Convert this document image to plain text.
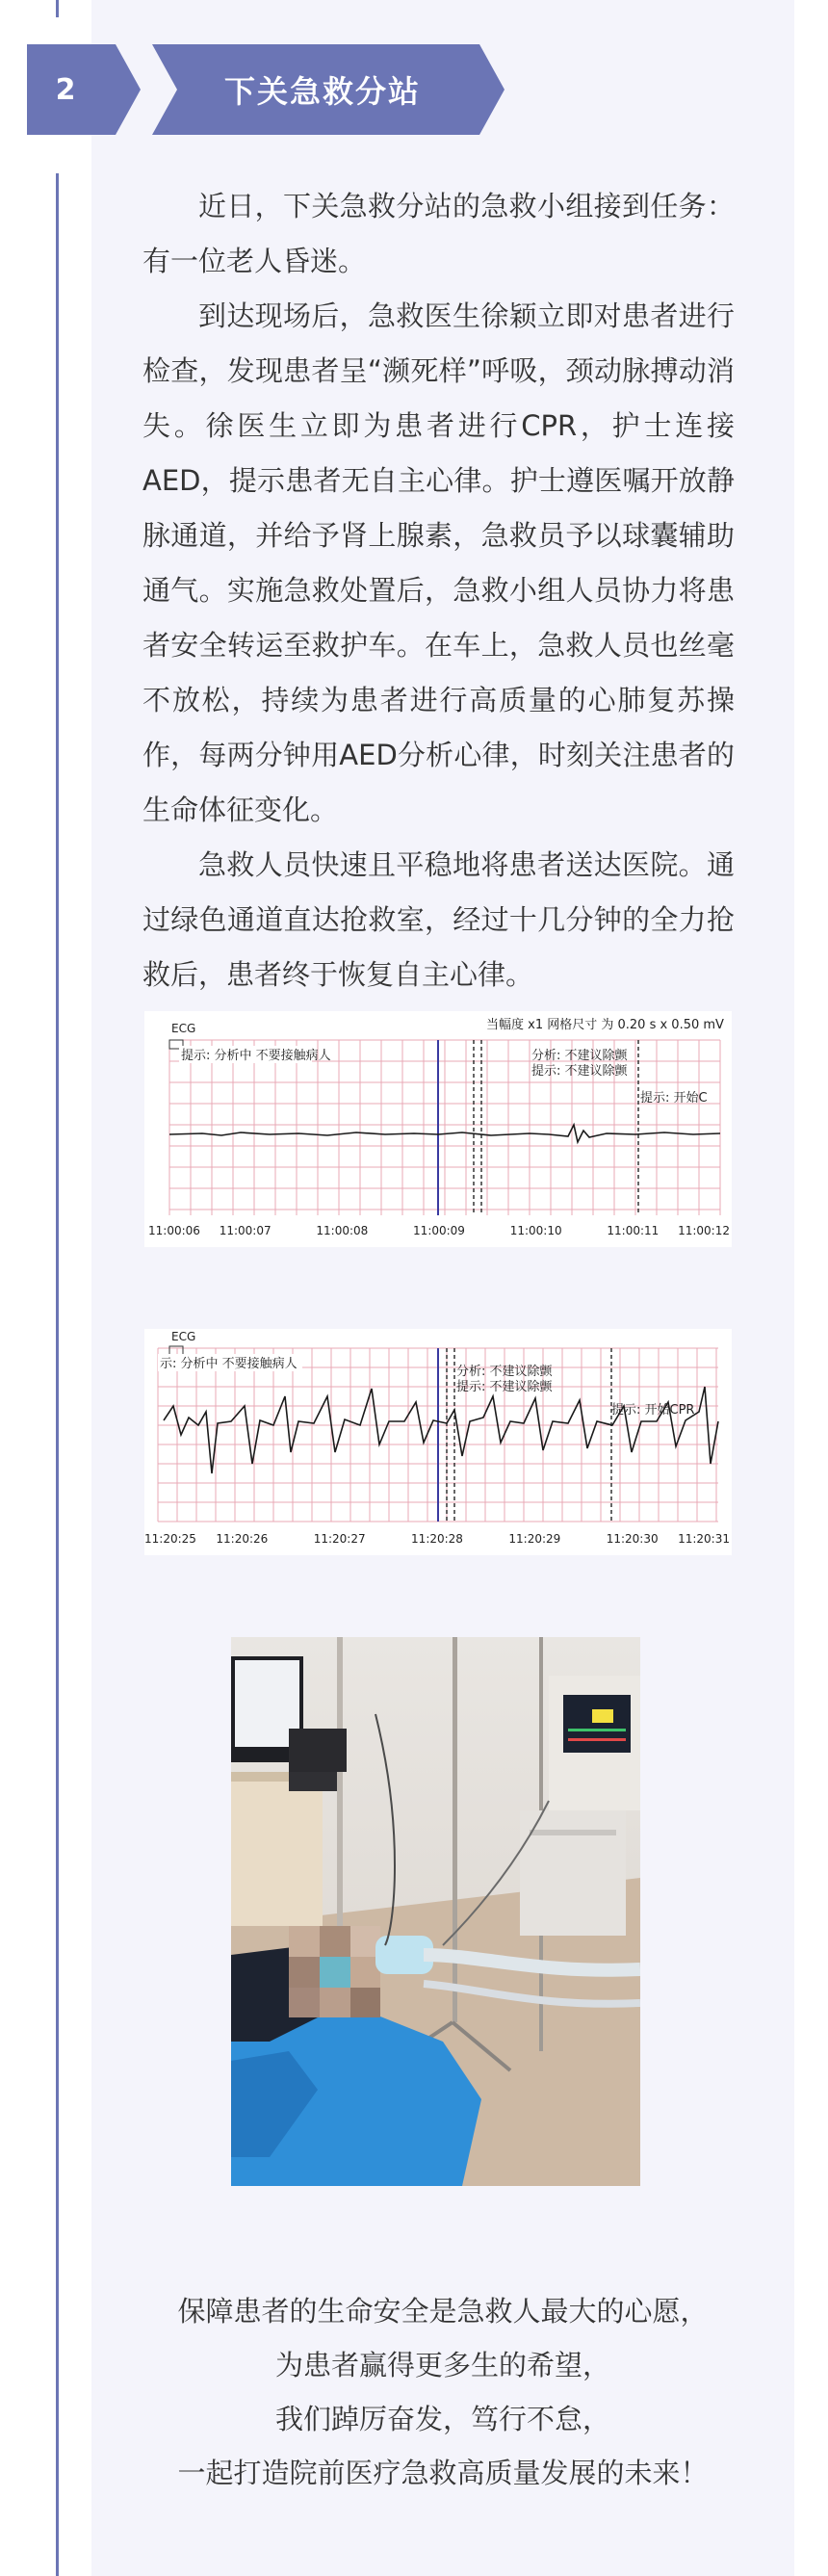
2	下关急救分站

近日，下关急救分站的急救小组接到任务：有一位老人昏迷。

到达现场后，急救医生徐颖立即对患者进行检查，发现患者呈“濒死样”呼吸，颈动脉搏动消失。徐医生立即为患者进行CPR，护士连接AED，提示患者无自主心律。护士遵医嘱开放静脉通道，并给予肾上腺素，急救员予以球囊辅助通气。实施急救处置后，急救小组人员协力将患者安全转运至救护车。在车上，急救人员也丝毫不放松，持续为患者进行高质量的心肺复苏操作，每两分钟用AED分析心律，时刻关注患者的生命体征变化。

急救人员快速且平稳地将患者送达医院。通过绿色通道直达抢救室，经过十几分钟的全力抢救后，患者终于恢复自主心律。

ECG	当幅度 x1 网格尺寸 为 0.20 s x 0.50 mV
提示: 分析中 不要接触病人	分析: 不建议除颤
提示: 不建议除颤
提示: 开始C
11:00:06 11:00:07	11:00:08	11:00:09	11:00:10	11:00:11 11:00:12
ECG
示: 分析中 不要接触病人
分析: 不建议除颤
提示: 不建议除颤
提示: 开始CPR
11:20:25 11:20:26	11:20:27	11:20:28	11:20:29	11:20:30 11:20:31
保障患者的生命安全是急救人最大的心愿，
为患者赢得更多生的希望，
我们踔厉奋发，笃行不怠，
一起打造院前医疗急救高质量发展的未来！
